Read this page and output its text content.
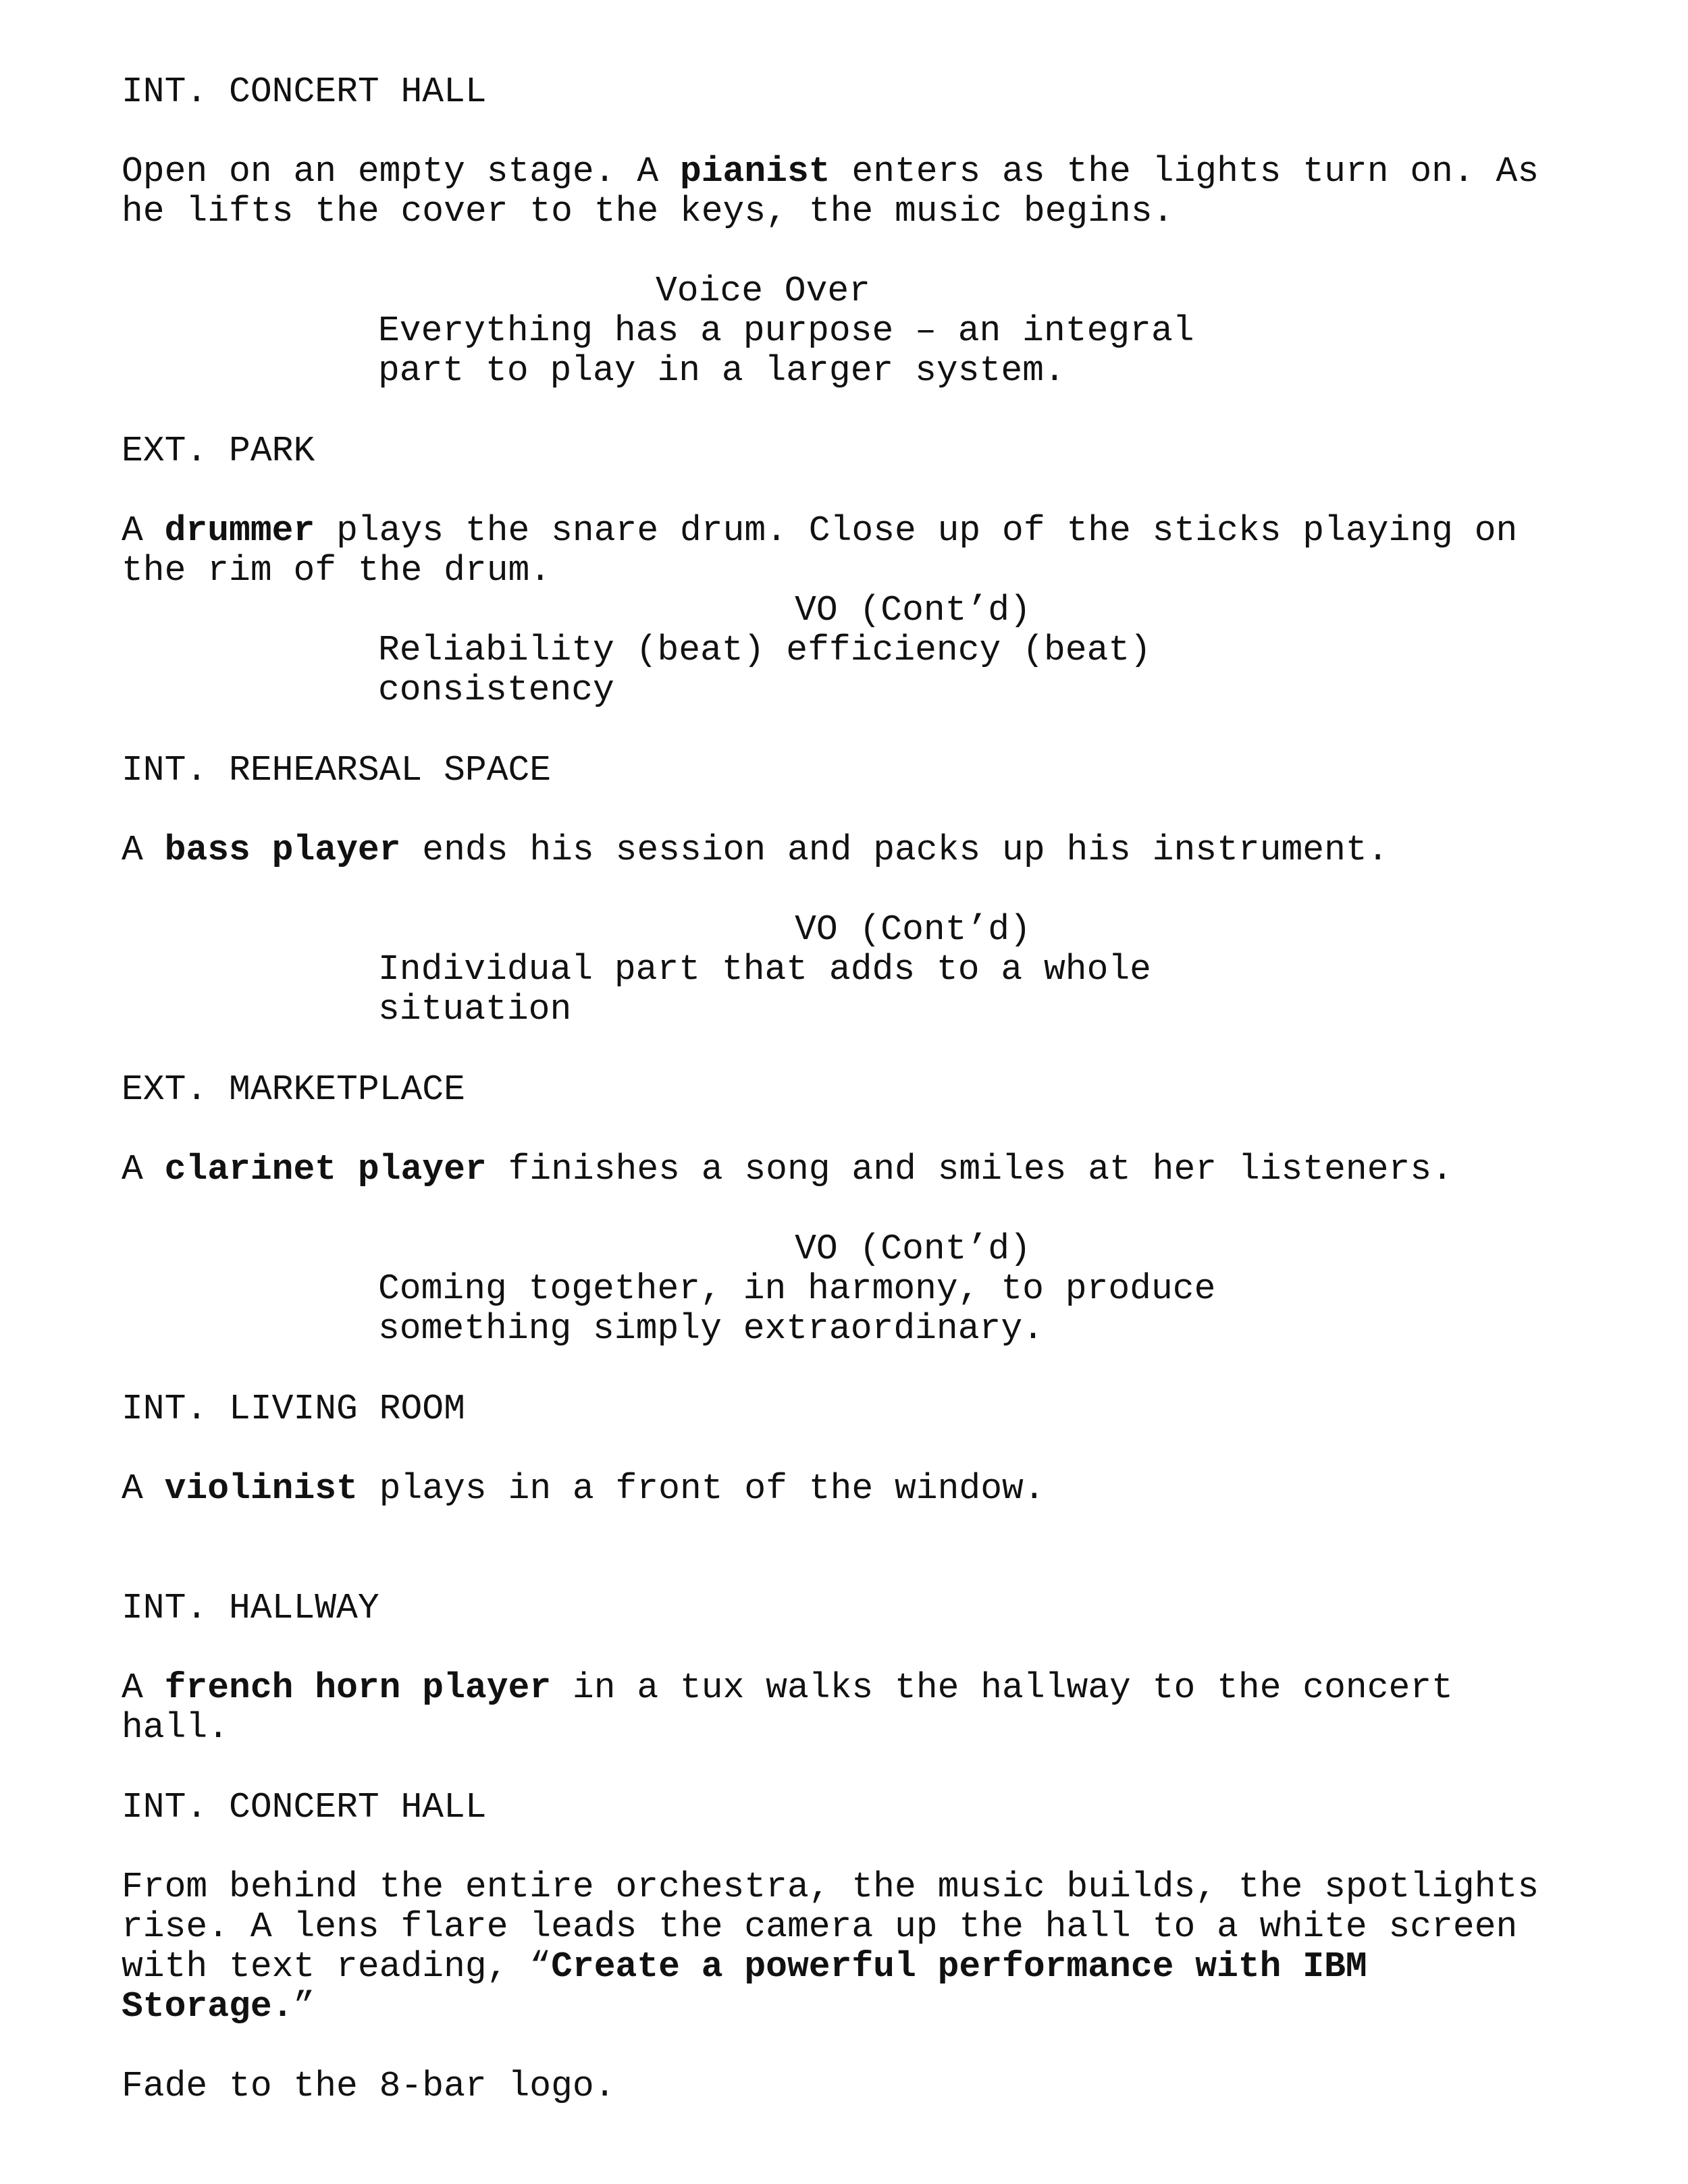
INT. CONCERT HALL

Open on an empty stage. A pianist enters as the lights turn on. As

he lifts the cover to the keys, the music begins.

Voice Over

Everything has a purpose – an integral

part to play in a larger system.

EXT. PARK

A drummer plays the snare drum. Close up of the sticks playing on

the rim of the drum.

VO (Cont’d)

Reliability (beat) efficiency (beat)

consistency

INT. REHEARSAL SPACE

A bass player ends his session and packs up his instrument.

VO (Cont’d)

Individual part that adds to a whole

situation

EXT. MARKETPLACE

A clarinet player finishes a song and smiles at her listeners.

VO (Cont’d)

Coming together, in harmony, to produce

something simply extraordinary.

INT. LIVING ROOM

A violinist plays in a front of the window.

INT. HALLWAY

A french horn player in a tux walks the hallway to the concert

hall.

INT. CONCERT HALL

From behind the entire orchestra, the music builds, the spotlights

rise. A lens flare leads the camera up the hall to a white screen

with text reading, “Create a powerful performance with IBM

Storage.”

Fade to the 8-bar logo.
